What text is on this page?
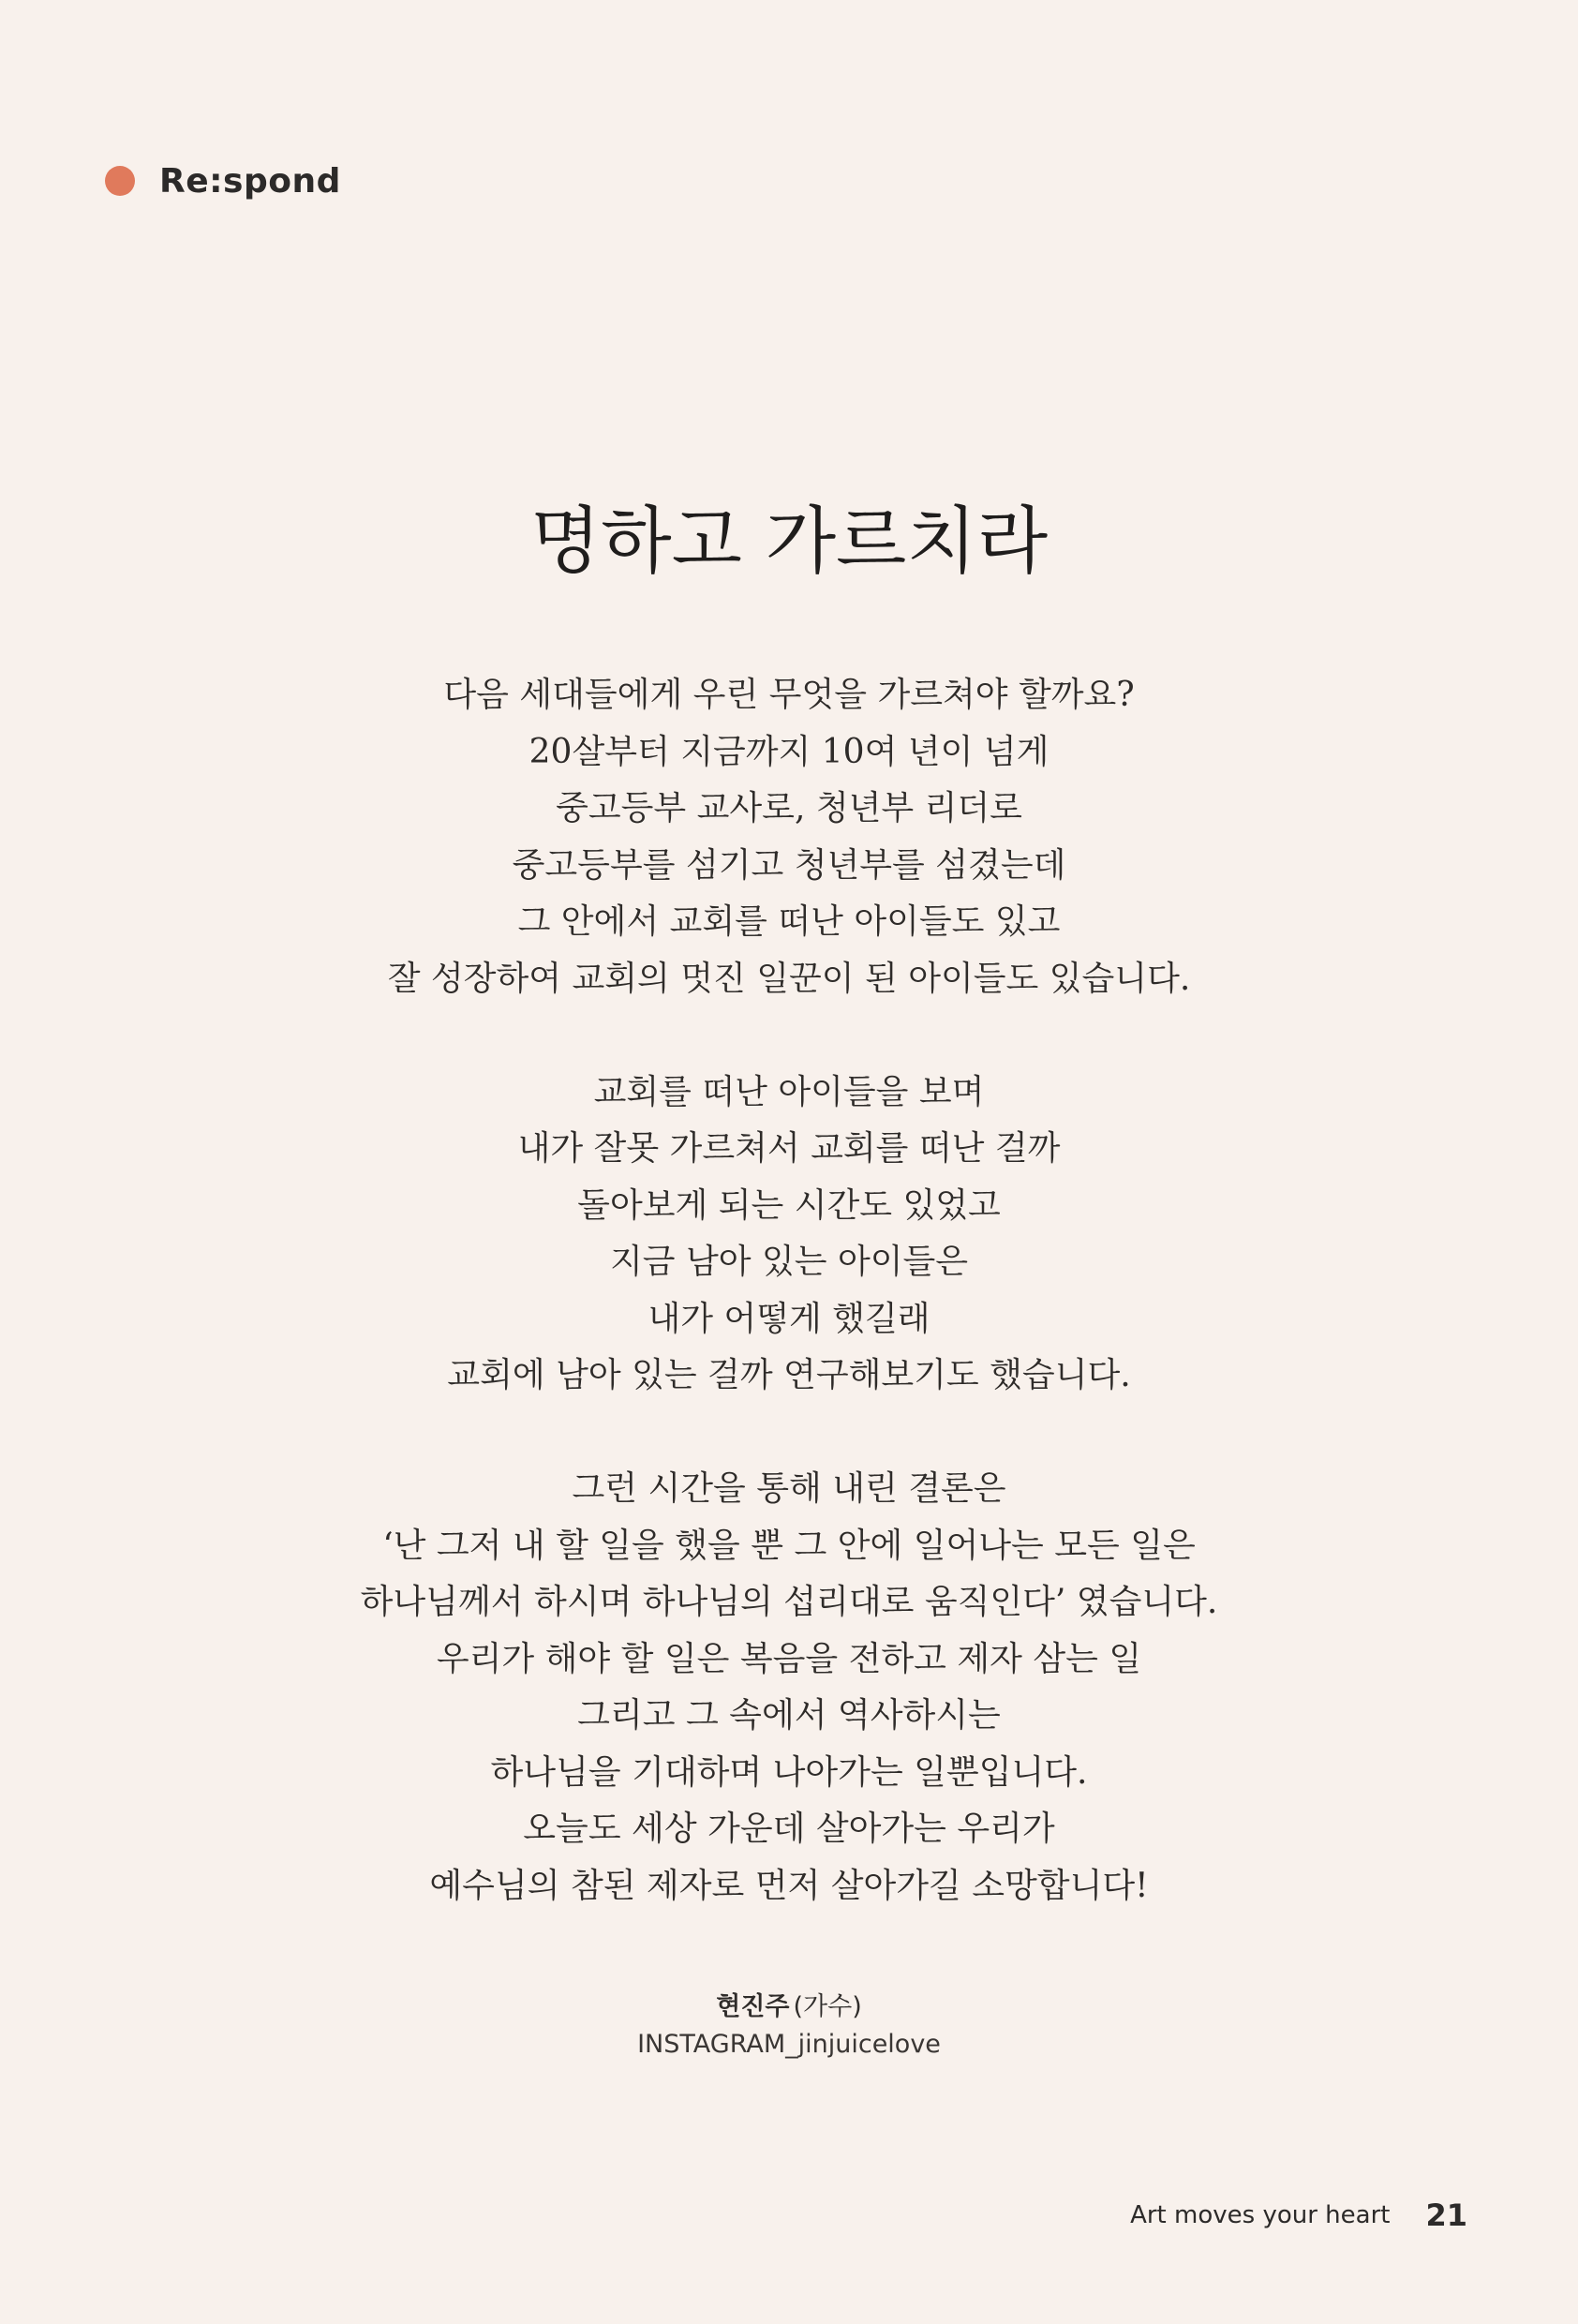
Re:spond
명하고 가르치라
다음 세대들에게 우린 무엇을 가르쳐야 할까요?
20살부터 지금까지 10여 년이 넘게
중고등부 교사로, 청년부 리더로
중고등부를 섬기고 청년부를 섬겼는데
그 안에서 교회를 떠난 아이들도 있고
잘 성장하여 교회의 멋진 일꾼이 된 아이들도 있습니다.
교회를 떠난 아이들을 보며
내가 잘못 가르쳐서 교회를 떠난 걸까
돌아보게 되는 시간도 있었고
지금 남아 있는 아이들은
내가 어떻게 했길래
교회에 남아 있는 걸까 연구해보기도 했습니다.
그런 시간을 통해 내린 결론은
‘난 그저 내 할 일을 했을 뿐 그 안에 일어나는 모든 일은
하나님께서 하시며 하나님의 섭리대로 움직인다’ 였습니다.
우리가 해야 할 일은 복음을 전하고 제자 삼는 일
그리고 그 속에서 역사하시는
하나님을 기대하며 나아가는 일뿐입니다.
오늘도 세상 가운데 살아가는 우리가
예수님의 참된 제자로 먼저 살아가길 소망합니다!
현진주 (가수)
INSTAGRAM_jinjuicelove
Art moves your heart 21
